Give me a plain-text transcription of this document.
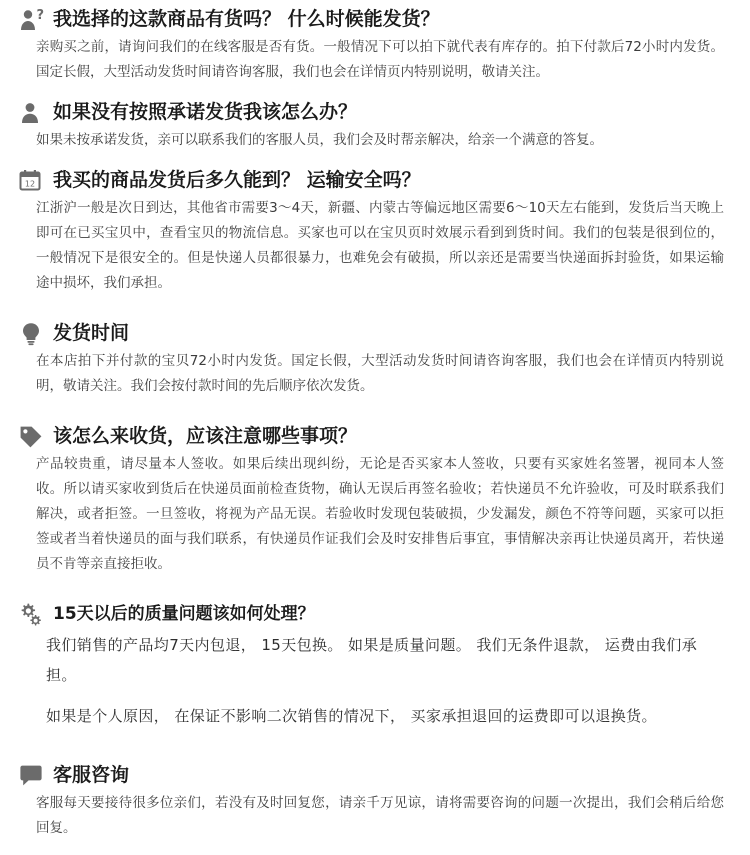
? 我选择的这款商品有货吗？ 什么时候能发货？
亲购买之前，请询问我们的在线客服是否有货。一般情况下可以拍下就代表有库存的。拍下付款后72小时内发货。国定长假，大型活动发货时间请咨询客服，我们也会在详情页内特别说明，敬请关注。
如果没有按照承诺发货我该怎么办？
如果未按承诺发货，亲可以联系我们的客服人员，我们会及时帮亲解决，给亲一个满意的答复。
12 我买的商品发货后多久能到？ 运输安全吗？
江浙沪一般是次日到达，其他省市需要3～4天，新疆、内蒙古等偏远地区需要6～10天左右能到，发货后当天晚上即可在已买宝贝中，查看宝贝的物流信息。买家也可以在宝贝页时效展示看到到货时间。我们的包装是很到位的，一般情况下是很安全的。但是快递人员都很暴力，也难免会有破损，所以亲还是需要当快递面拆封验货，如果运输途中损坏，我们承担。
发货时间
在本店拍下并付款的宝贝72小时内发货。国定长假，大型活动发货时间请咨询客服，我们也会在详情页内特别说明，敬请关注。我们会按付款时间的先后顺序依次发货。
该怎么来收货，应该注意哪些事项？
产品较贵重，请尽量本人签收。如果后续出现纠纷，无论是否买家本人签收，只要有买家姓名签署，视同本人签收。所以请买家收到货后在快递员面前检查货物，确认无误后再签名验收；若快递员不允许验收，可及时联系我们解决，或者拒签。一旦签收，将视为产品无误。若验收时发现包装破损，少发漏发，颜色不符等问题，买家可以拒签或者当着快递员的面与我们联系，有快递员作证我们会及时安排售后事宜，事情解决亲再让快递员离开，若快递员不肯等亲直接拒收。
15天以后的质量问题该如何处理？

我们销售的产品均7天内包退， 15天包换。 如果是质量问题。 我们无条件退款， 运费由我们承担。

如果是个人原因， 在保证不影响二次销售的情况下， 买家承担退回的运费即可以退换货。

客服咨询
客服每天要接待很多位亲们，若没有及时回复您，请亲千万见谅，请将需要咨询的问题一次提出，我们会稍后给您回复。
